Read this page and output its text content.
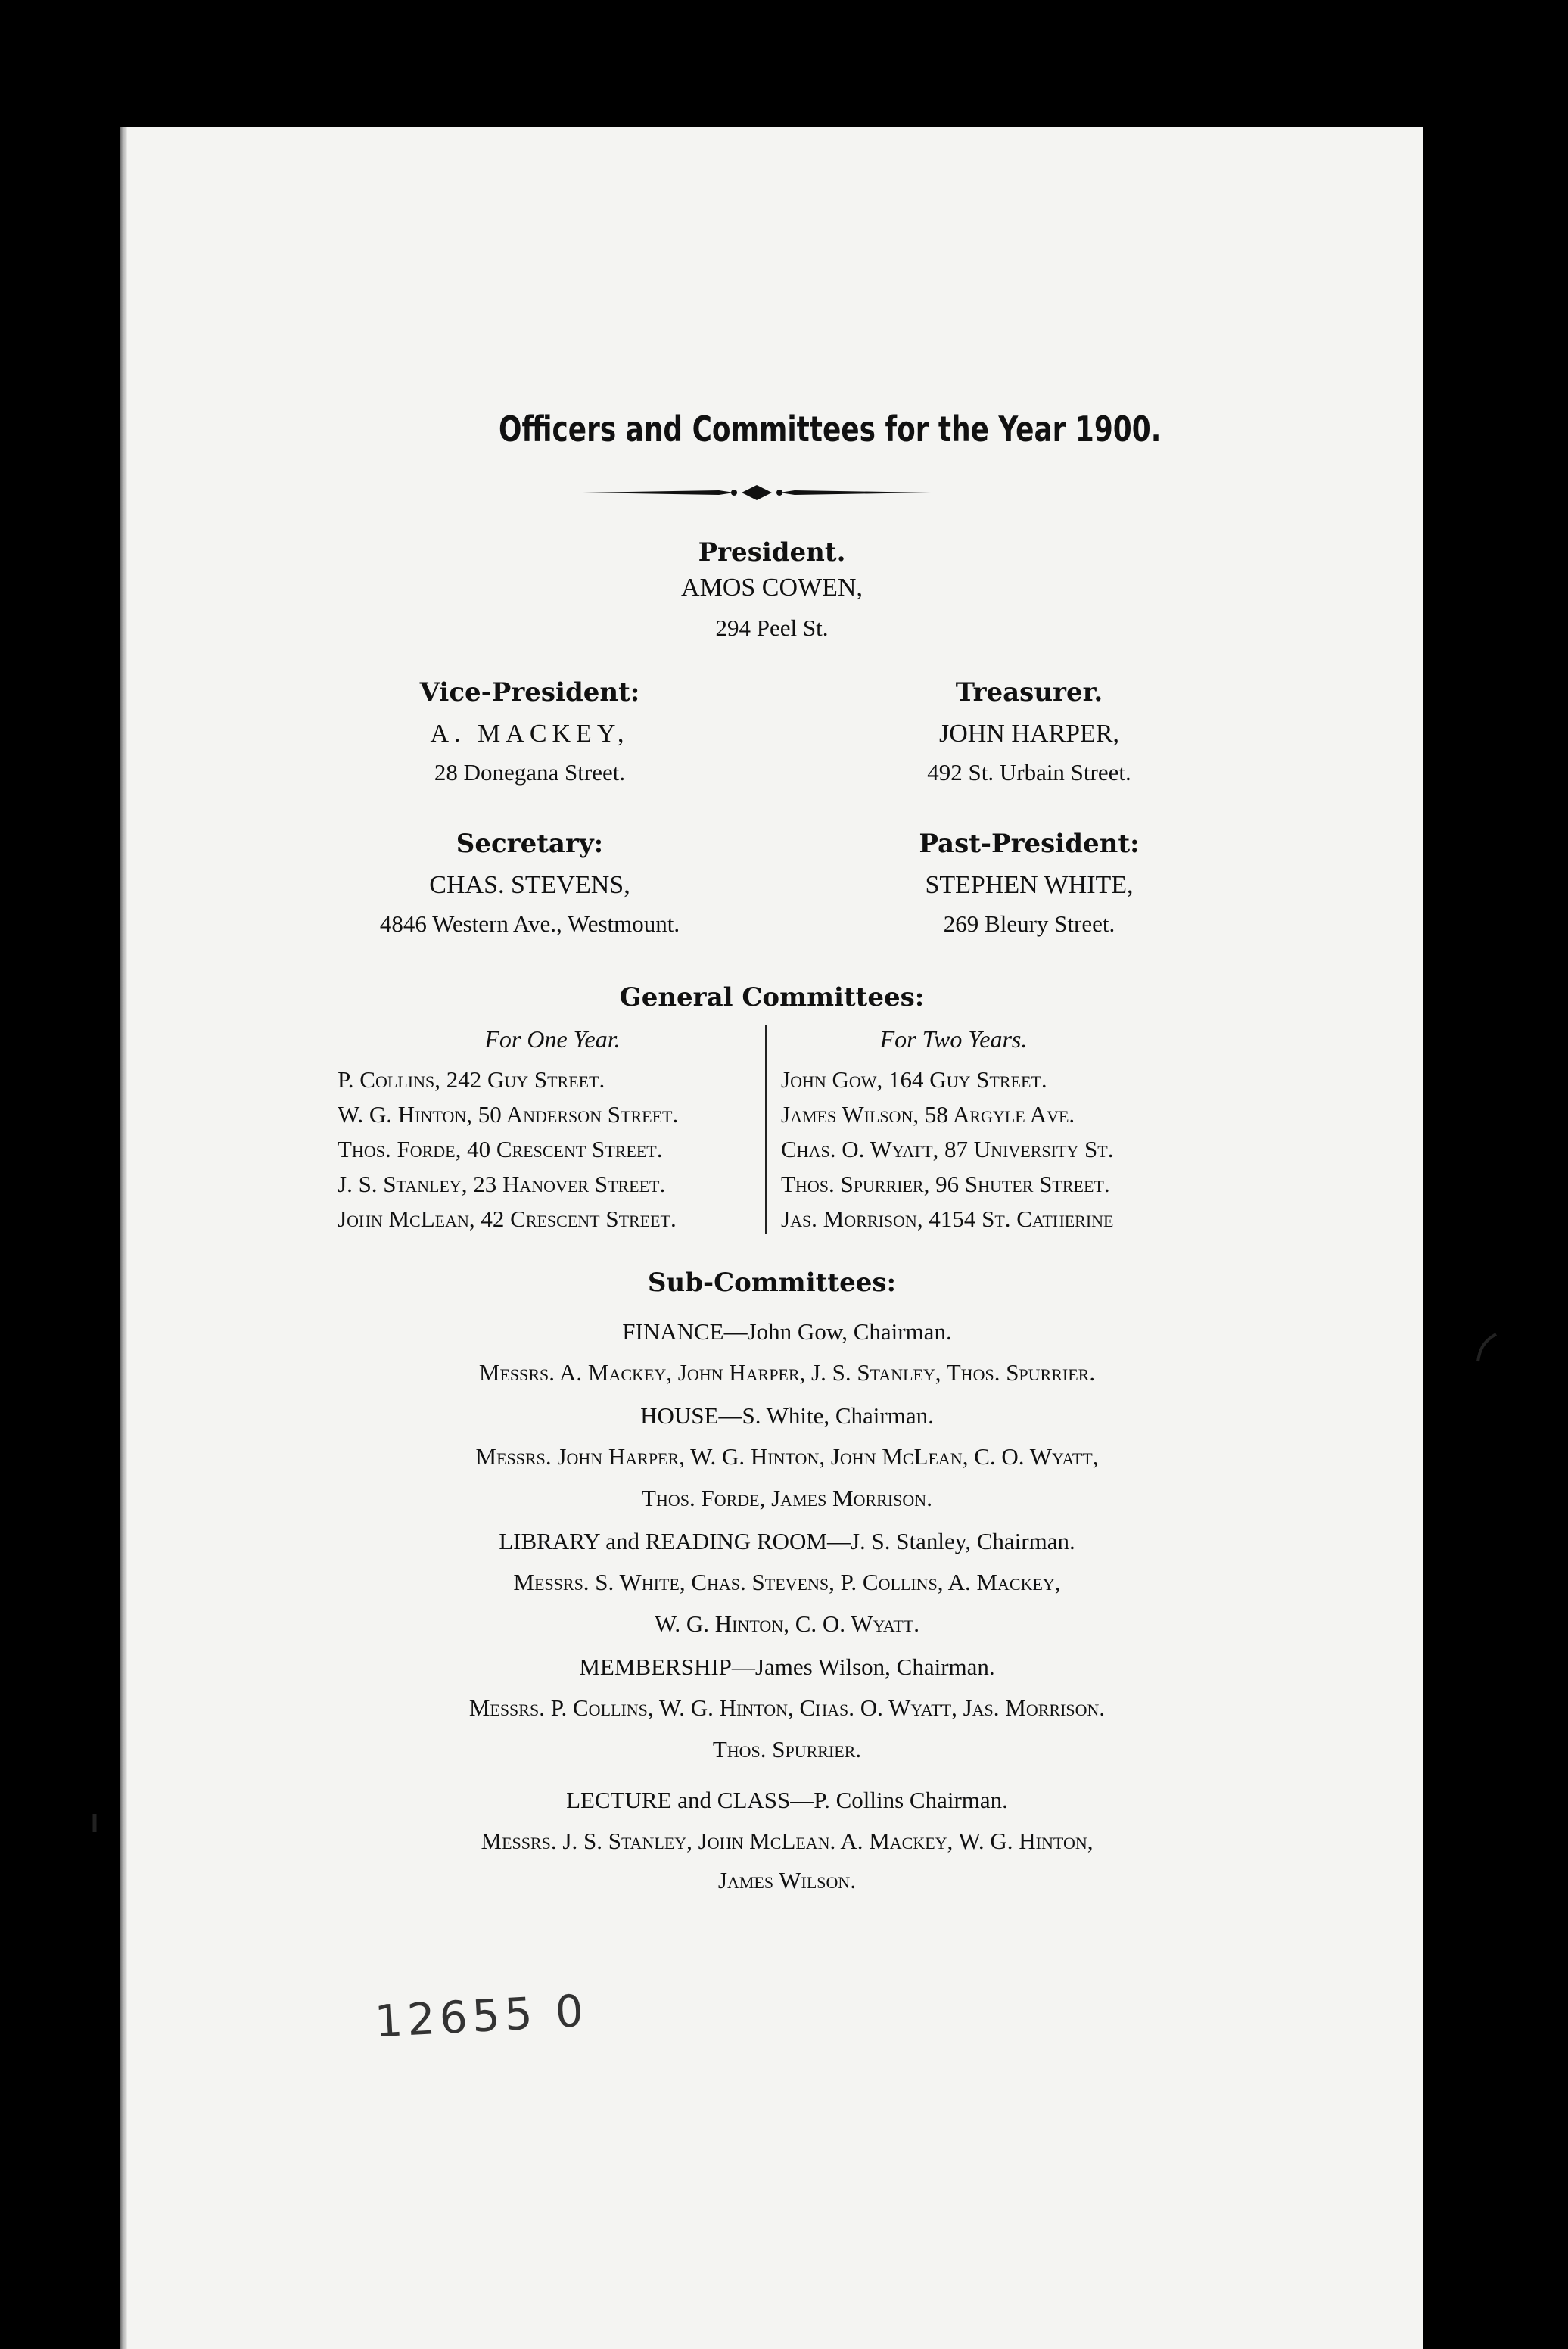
Officers and Committees for the Year 1900.
President.
AMOS COWEN,
294 Peel St.
Vice-President:
A. MACKEY,
28 Donegana Street.
Treasurer.
JOHN HARPER,
492 St. Urbain Street.
Secretary:
CHAS. STEVENS,
4846 Western Ave., Westmount.
Past-President:
STEPHEN WHITE,
269 Bleury Street.
General Committees:
For One Year.	For Two Years.
P. Collins, 242 Guy Street.
W. G. Hinton, 50 Anderson Street.
Thos. Forde, 40 Crescent Street.
J. S. Stanley, 23 Hanover Street.
John McLean, 42 Crescent Street.
John Gow, 164 Guy Street.
James Wilson, 58 Argyle Ave.
Chas. O. Wyatt, 87 University St.
Thos. Spurrier, 96 Shuter Street.
Jas. Morrison, 4154 St. Catherine
Sub-Committees:
FINANCE—John Gow, Chairman.
Messrs. A. Mackey, John Harper, J. S. Stanley, Thos. Spurrier.
HOUSE—S. White, Chairman.
Messrs. John Harper, W. G. Hinton, John McLean, C. O. Wyatt,
Thos. Forde, James Morrison.
LIBRARY and READING ROOM—J. S. Stanley, Chairman.
Messrs. S. White, Chas. Stevens, P. Collins, A. Mackey,
W. G. Hinton, C. O. Wyatt.
MEMBERSHIP—James Wilson, Chairman.
Messrs. P. Collins, W. G. Hinton, Chas. O. Wyatt, Jas. Morrison.
Thos. Spurrier.
LECTURE and CLASS—P. Collins Chairman.
Messrs. J. S. Stanley, John McLean. A. Mackey, W. G. Hinton,
James Wilson.
12655 0
